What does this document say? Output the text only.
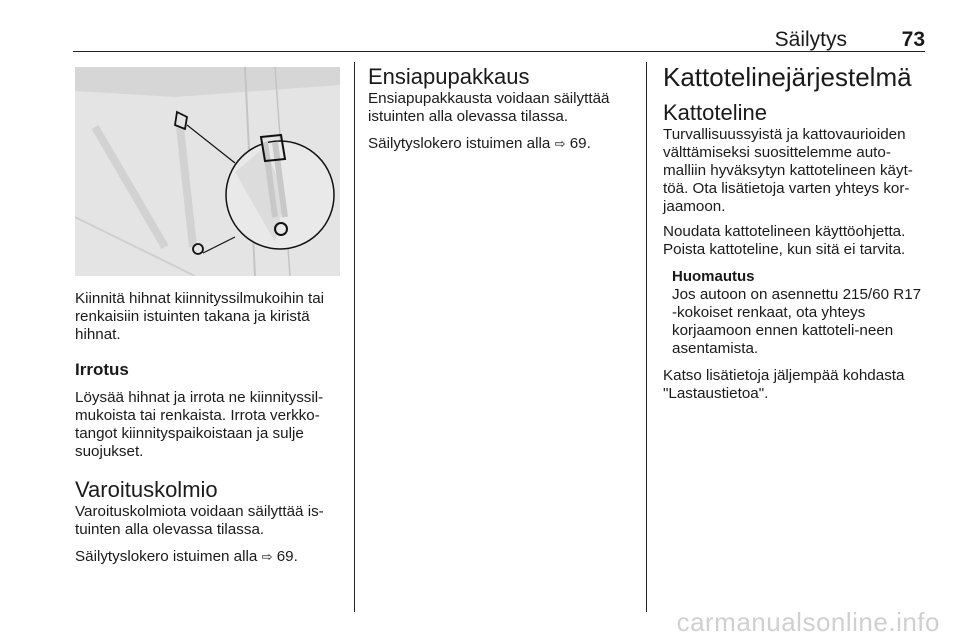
Säilytys	73

Kiinnitä hihnat kiinnityssilmukoihin tai renkaisiin istuinten takana ja kiristä hihnat.

Irrotus

Löysää hihnat ja irrota ne kiinnityssil-mukoista tai renkaista. Irrota verkko-tangot kiinnityspaikoistaan ja sulje suojukset.

Varoituskolmio

Varoituskolmiota voidaan säilyttää is-tuinten alla olevassa tilassa.

Säilytyslokero istuimen alla ⇨ 69.

Ensiapupakkaus

Ensiapupakkausta voidaan säilyttää istuinten alla olevassa tilassa.

Säilytyslokero istuimen alla ⇨ 69.

Kattotelinejärjestelmä

Kattoteline

Turvallisuussyistä ja kattovaurioiden välttämiseksi suosittelemme auto-malliin hyväksytyn kattotelineen käyt-töä. Ota lisätietoja varten yhteys kor-jaamoon.

Noudata kattotelineen käyttöohjetta. Poista kattoteline, kun sitä ei tarvita.

Huomautus

Jos autoon on asennettu 215/60 R17 -kokoiset renkaat, ota yhteys korjaamoon ennen kattoteli-neen asentamista.

Katso lisätietoja jäljempää kohdasta "Lastaustietoa".

carmanualsonline.info
